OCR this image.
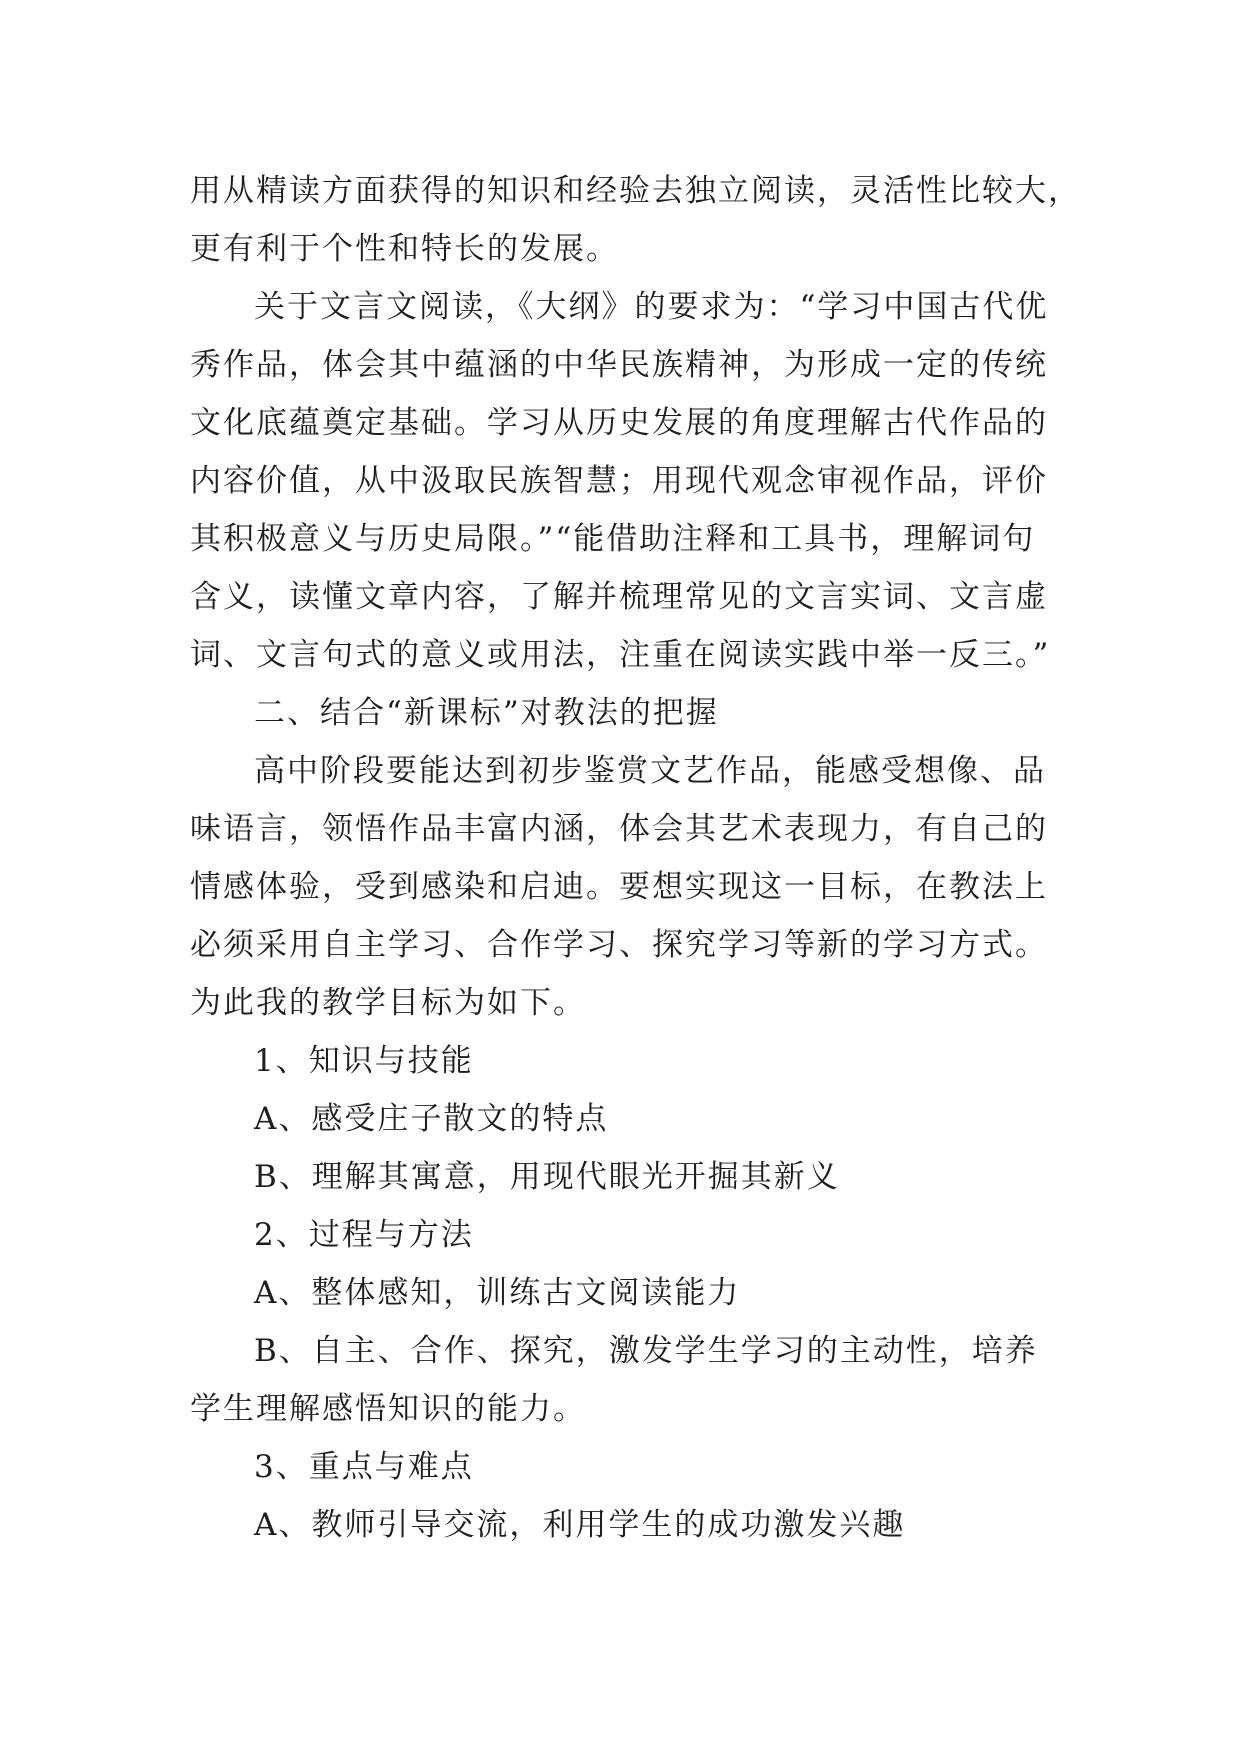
用从精读方面获得的知识和经验去独立阅读，灵活性比较大，
更有利于个性和特长的发展。
关于文言文阅读，《大纲》的要求为：“学习中国古代优
秀作品，体会其中蕴涵的中华民族精神，为形成一定的传统
文化底蕴奠定基础。学习从历史发展的角度理解古代作品的
内容价值，从中汲取民族智慧；用现代观念审视作品，评价
其积极意义与历史局限。”“能借助注释和工具书，理解词句
含义，读懂文章内容，了解并梳理常见的文言实词、文言虚
词、文言句式的意义或用法，注重在阅读实践中举一反三。”
二、结合“新课标”对教法的把握
高中阶段要能达到初步鉴赏文艺作品，能感受想像、品
味语言，领悟作品丰富内涵，体会其艺术表现力，有自己的
情感体验，受到感染和启迪。要想实现这一目标，在教法上
必须采用自主学习、合作学习、探究学习等新的学习方式。
为此我的教学目标为如下。
1、知识与技能
A、感受庄子散文的特点
B、理解其寓意，用现代眼光开掘其新义
2、过程与方法
A、整体感知，训练古文阅读能力
B、自主、合作、探究，激发学生学习的主动性，培养
学生理解感悟知识的能力。
3、重点与难点
A、教师引导交流，利用学生的成功激发兴趣
